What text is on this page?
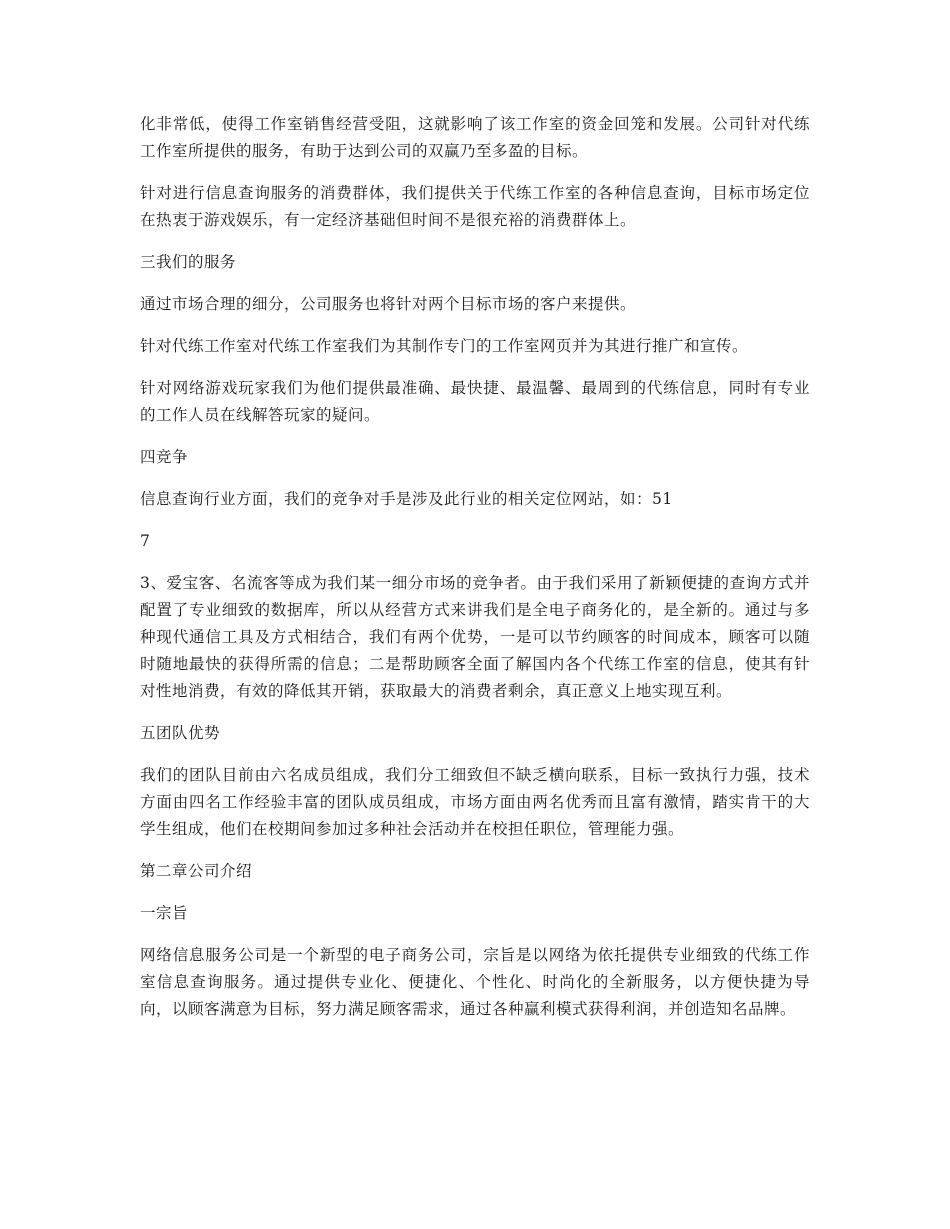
化非常低，使得工作室销售经营受阻，这就影响了该工作室的资金回笼和发展。公司针对代练工作室所提供的服务，有助于达到公司的双赢乃至多盈的目标。

针对进行信息查询服务的消费群体，我们提供关于代练工作室的各种信息查询，目标市场定位在热衷于游戏娱乐，有一定经济基础但时间不是很充裕的消费群体上。

三我们的服务

通过市场合理的细分，公司服务也将针对两个目标市场的客户来提供。

针对代练工作室对代练工作室我们为其制作专门的工作室网页并为其进行推广和宣传。

针对网络游戏玩家我们为他们提供最准确、最快捷、最温馨、最周到的代练信息，同时有专业的工作人员在线解答玩家的疑问。

四竞争

信息查询行业方面，我们的竞争对手是涉及此行业的相关定位网站，如：51

7

3、爱宝客、名流客等成为我们某一细分市场的竞争者。由于我们采用了新颖便捷的查询方式并配置了专业细致的数据库，所以从经营方式来讲我们是全电子商务化的，是全新的。通过与多种现代通信工具及方式相结合，我们有两个优势，一是可以节约顾客的时间成本，顾客可以随时随地最快的获得所需的信息；二是帮助顾客全面了解国内各个代练工作室的信息，使其有针对性地消费，有效的降低其开销，获取最大的消费者剩余，真正意义上地实现互利。

五团队优势

我们的团队目前由六名成员组成，我们分工细致但不缺乏横向联系，目标一致执行力强，技术方面由四名工作经验丰富的团队成员组成，市场方面由两名优秀而且富有激情，踏实肯干的大学生组成，他们在校期间参加过多种社会活动并在校担任职位，管理能力强。

第二章公司介绍

一宗旨

网络信息服务公司是一个新型的电子商务公司，宗旨是以网络为依托提供专业细致的代练工作室信息查询服务。通过提供专业化、便捷化、个性化、时尚化的全新服务，以方便快捷为导向，以顾客满意为目标，努力满足顾客需求，通过各种赢利模式获得利润，并创造知名品牌。
